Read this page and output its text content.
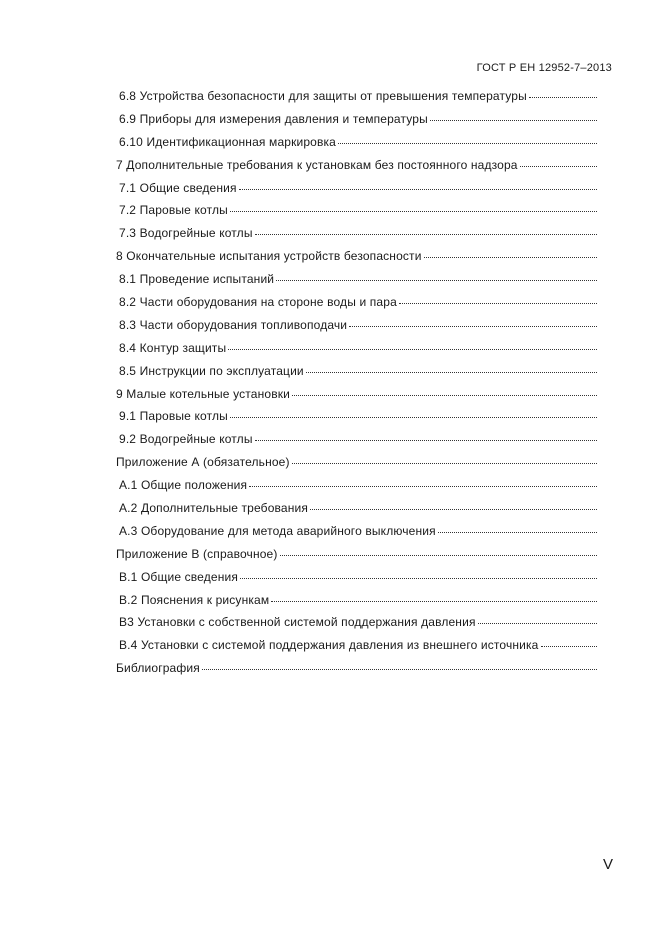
ГОСТ Р ЕН 12952-7–2013
6.8 Устройства безопасности для защиты от превышения температуры
6.9 Приборы для измерения давления и температуры
6.10 Идентификационная маркировка
7 Дополнительные требования к установкам без постоянного надзора
7.1 Общие сведения
7.2 Паровые котлы
7.3 Водогрейные котлы
8 Окончательные испытания устройств безопасности
8.1 Проведение испытаний
8.2 Части оборудования на стороне воды и пара
8.3 Части оборудования топливоподачи
8.4 Контур защиты
8.5 Инструкции по эксплуатации
9 Малые котельные установки
9.1 Паровые котлы
9.2 Водогрейные котлы
Приложение А (обязательное)
А.1 Общие положения
А.2 Дополнительные требования
А.3 Оборудование для метода аварийного выключения
Приложение В (справочное)
В.1 Общие сведения
В.2 Пояснения к рисункам
В3 Установки с собственной системой поддержания давления
В.4 Установки с системой поддержания давления из внешнего источника
Библиография
V
